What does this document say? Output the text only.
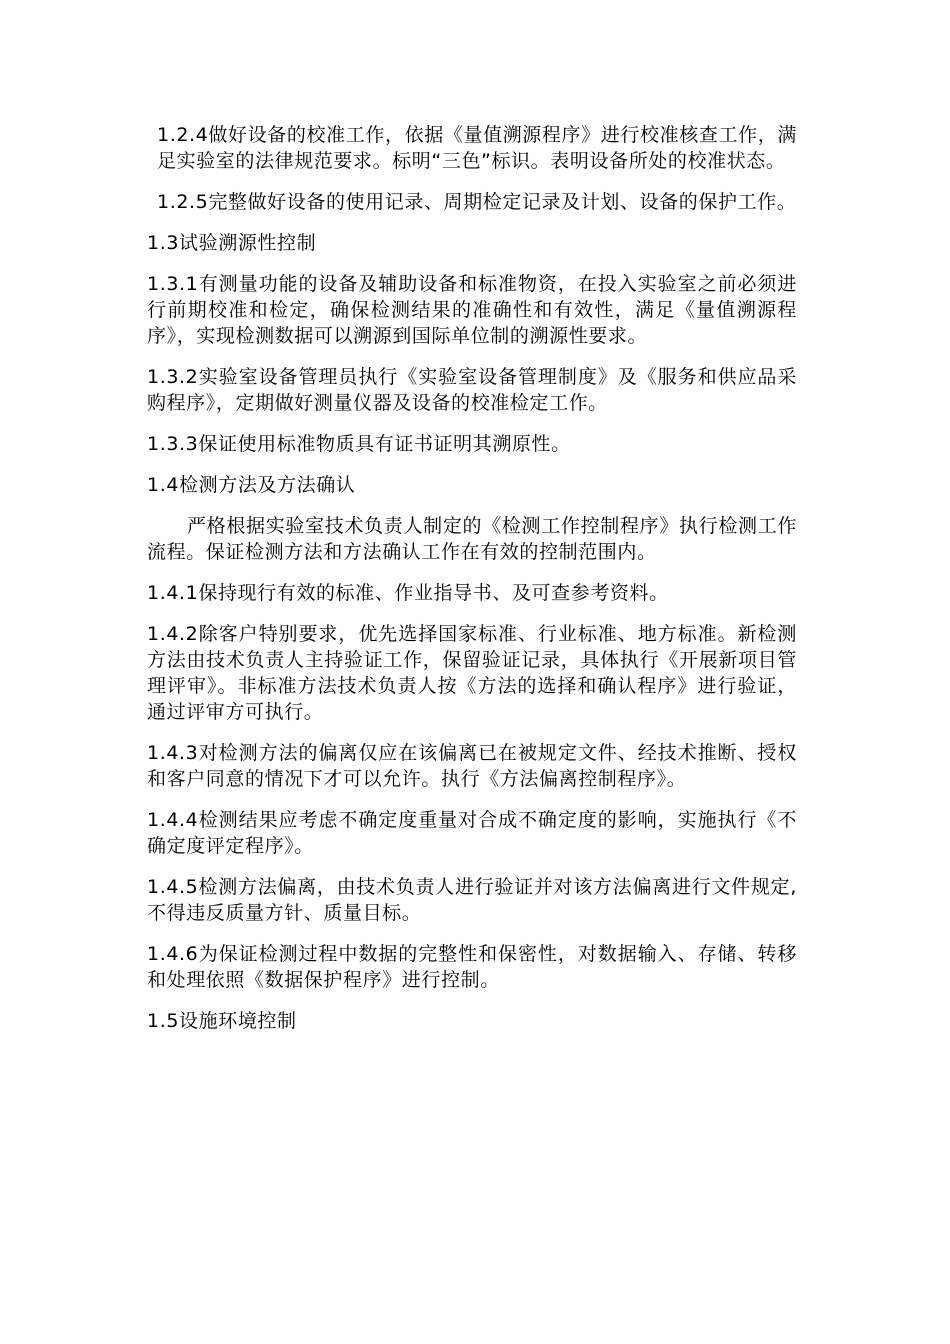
1.2.4做好设备的校准工作，依据《量值溯源程序》进行校准核查工作，满足实验室的法律规范要求。标明“三色”标识。表明设备所处的校准状态。

1.2.5完整做好设备的使用记录、周期检定记录及计划、设备的保护工作。

1.3试验溯源性控制

1.3.1有测量功能的设备及辅助设备和标准物资，在投入实验室之前必须进行前期校准和检定，确保检测结果的准确性和有效性，满足《量值溯源程序》，实现检测数据可以溯源到国际单位制的溯源性要求。

1.3.2实验室设备管理员执行《实验室设备管理制度》及《服务和供应品采购程序》，定期做好测量仪器及设备的校准检定工作。

1.3.3保证使用标准物质具有证书证明其溯原性。

1.4检测方法及方法确认

严格根据实验室技术负责人制定的《检测工作控制程序》执行检测工作流程。保证检测方法和方法确认工作在有效的控制范围内。

1.4.1保持现行有效的标准、作业指导书、及可查参考资料。

1.4.2除客户特别要求，优先选择国家标准、行业标准、地方标准。新检测方法由技术负责人主持验证工作，保留验证记录，具体执行《开展新项目管理评审》。非标准方法技术负责人按《方法的选择和确认程序》进行验证，通过评审方可执行。

1.4.3对检测方法的偏离仅应在该偏离已在被规定文件、经技术推断、授权和客户同意的情况下才可以允许。执行《方法偏离控制程序》。

1.4.4检测结果应考虑不确定度重量对合成不确定度的影响，实施执行《不确定度评定程序》。

1.4.5检测方法偏离，由技术负责人进行验证并对该方法偏离进行文件规定,不得违反质量方针、质量目标。

1.4.6为保证检测过程中数据的完整性和保密性，对数据输入、存储、转移和处理依照《数据保护程序》进行控制。

1.5设施环境控制
